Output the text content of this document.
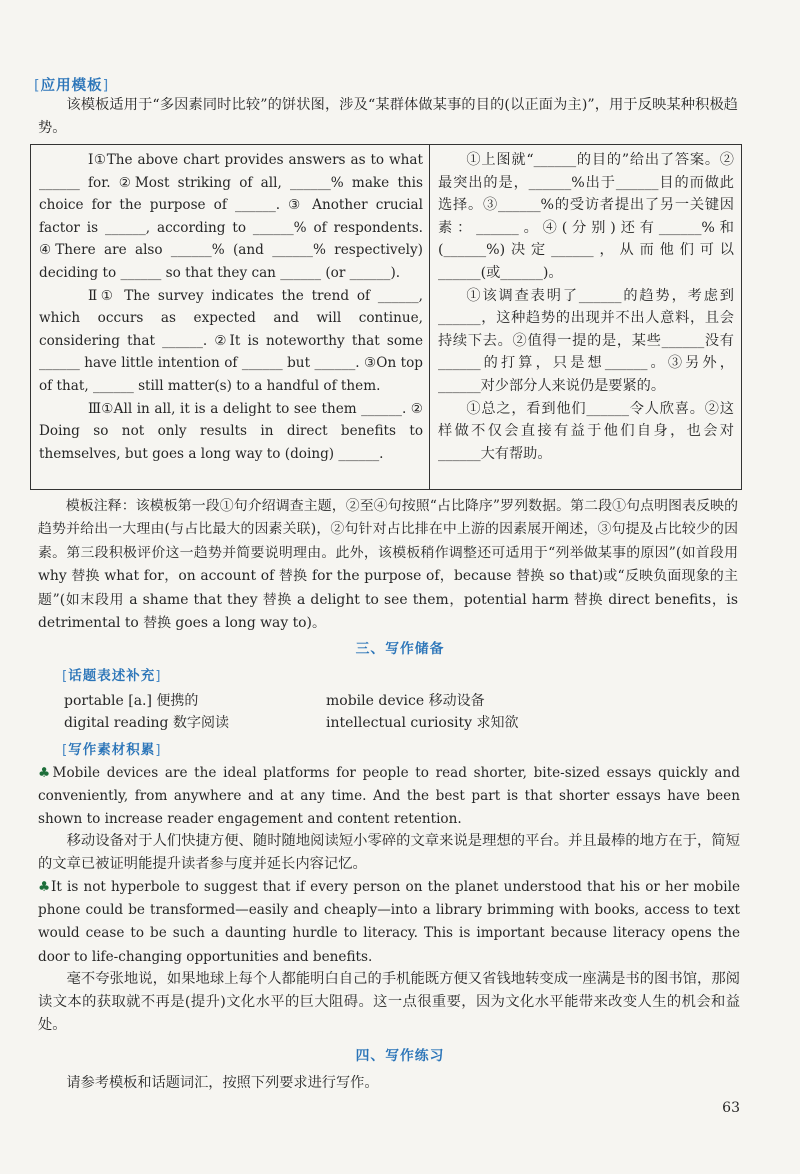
[应用模板]
该模板适用于“多因素同时比较”的饼状图，涉及“某群体做某事的目的(以正面为主)”，用于反映某种积极趋势。

Ⅰ①The above chart provides answers as to what ______ for. ②Most striking of all, ______% make this choice for the purpose of ______. ③ Another crucial factor is ______, according to ______% of respondents. ④There are also ______% (and ______% respectively) deciding to ______ so that they can ______ (or ______).

Ⅱ① The survey indicates the trend of ______, which occurs as expected and will continue, considering that ______. ②It is noteworthy that some ______ have little intention of ______ but ______. ③On top of that, ______ still matter(s) to a handful of them.

Ⅲ①All in all, it is a delight to see them ______. ② Doing so not only results in direct benefits to themselves, but goes a long way to (doing) ______.

①上图就“______的目的”给出了答案。②最突出的是，______%出于______目的而做此选择。③______%的受访者提出了另一关键因素：______。④(分别)还有______%和(______%)决定______，从而他们可以______(或______)。

①该调查表明了______的趋势，考虑到______，这种趋势的出现并不出人意料，且会持续下去。②值得一提的是，某些______没有______的打算，只是想______。③另外，______对少部分人来说仍是要紧的。

①总之，看到他们______令人欣喜。②这样做不仅会直接有益于他们自身，也会对______大有帮助。

模板注释：该模板第一段①句介绍调查主题，②至④句按照“占比降序”罗列数据。第二段①句点明图表反映的趋势并给出一大理由(与占比最大的因素关联)，②句针对占比排在中上游的因素展开阐述，③句提及占比较少的因素。第三段积极评价这一趋势并简要说明理由。此外，该模板稍作调整还可适用于“列举做某事的原因”(如首段用 why 替换 what for，on account of 替换 for the purpose of，because 替换 so that)或“反映负面现象的主题”(如末段用 a shame that they 替换 a delight to see them，potential harm 替换 direct benefits，is detrimental to 替换 goes a long way to)。
三、写作储备
[话题表述补充]
portable [a.] 便携的	mobile device 移动设备
digital reading 数字阅读	intellectual curiosity 求知欲
[写作素材积累]
♣Mobile devices are the ideal platforms for people to read shorter, bite-sized essays quickly and conveniently, from anywhere and at any time. And the best part is that shorter essays have been shown to increase reader engagement and content retention.
移动设备对于人们快捷方便、随时随地阅读短小零碎的文章来说是理想的平台。并且最棒的地方在于，简短的文章已被证明能提升读者参与度并延长内容记忆。
♣It is not hyperbole to suggest that if every person on the planet understood that his or her mobile phone could be transformed—easily and cheaply—into a library brimming with books, access to text would cease to be such a daunting hurdle to literacy. This is important because literacy opens the door to life-changing opportunities and benefits.
毫不夸张地说，如果地球上每个人都能明白自己的手机能既方便又省钱地转变成一座满是书的图书馆，那阅读文本的获取就不再是(提升)文化水平的巨大阻碍。这一点很重要，因为文化水平能带来改变人生的机会和益处。
四、写作练习
请参考模板和话题词汇，按照下列要求进行写作。
63
